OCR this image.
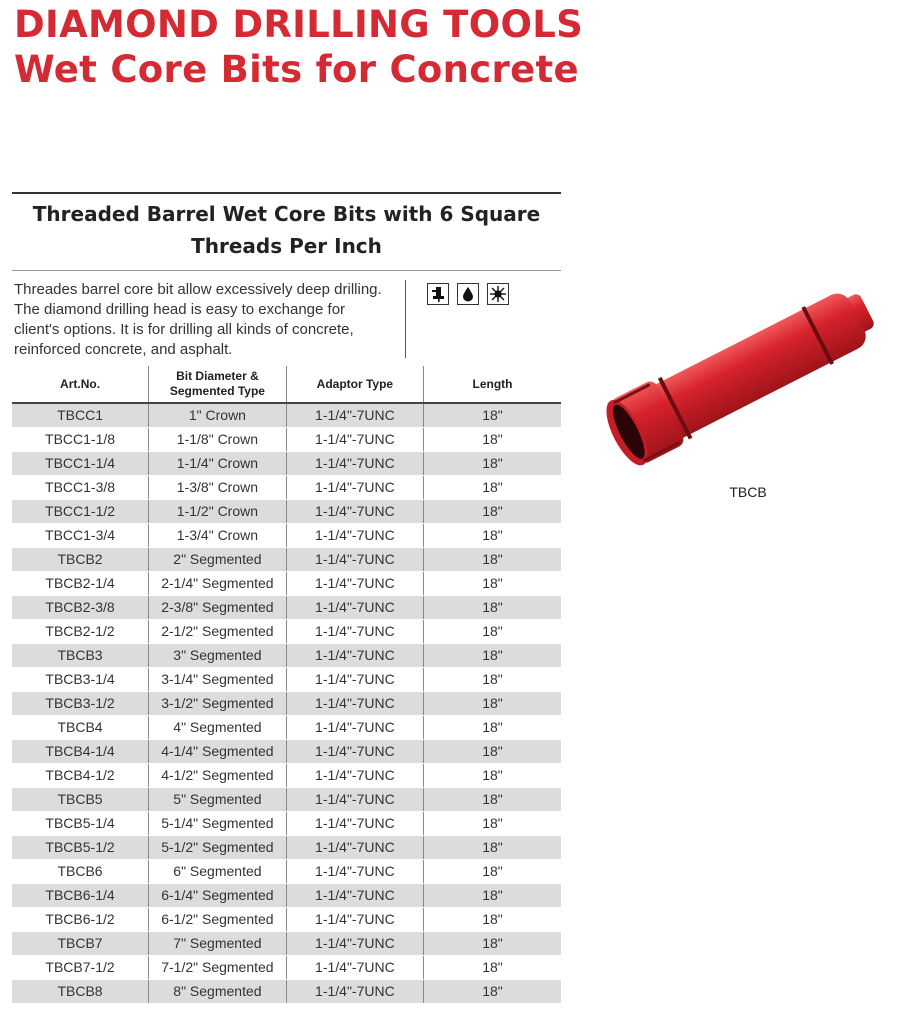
DIAMOND DRILLING TOOLS
Wet Core Bits for Concrete
Threaded Barrel Wet Core Bits with 6 Square
Threads Per Inch
Threades barrel core bit allow excessively deep drilling. The diamond drilling head is easy to exchange for client's options. It is for drilling all kinds of concrete, reinforced concrete, and asphalt.
Art.No.	Bit Diameter & Segmented Type	Adaptor Type	Length
TBCC1	1" Crown	1-1/4"-7UNC	18"
TBCC1-1/8	1-1/8" Crown	1-1/4"-7UNC	18"
TBCC1-1/4	1-1/4" Crown	1-1/4"-7UNC	18"
TBCC1-3/8	1-3/8" Crown	1-1/4"-7UNC	18"
TBCC1-1/2	1-1/2" Crown	1-1/4"-7UNC	18"
TBCC1-3/4	1-3/4" Crown	1-1/4"-7UNC	18"
TBCB2	2" Segmented	1-1/4"-7UNC	18"
TBCB2-1/4	2-1/4" Segmented	1-1/4"-7UNC	18"
TBCB2-3/8	2-3/8" Segmented	1-1/4"-7UNC	18"
TBCB2-1/2	2-1/2" Segmented	1-1/4"-7UNC	18"
TBCB3	3" Segmented	1-1/4"-7UNC	18"
TBCB3-1/4	3-1/4" Segmented	1-1/4"-7UNC	18"
TBCB3-1/2	3-1/2" Segmented	1-1/4"-7UNC	18"
TBCB4	4" Segmented	1-1/4"-7UNC	18"
TBCB4-1/4	4-1/4" Segmented	1-1/4"-7UNC	18"
TBCB4-1/2	4-1/2" Segmented	1-1/4"-7UNC	18"
TBCB5	5" Segmented	1-1/4"-7UNC	18"
TBCB5-1/4	5-1/4" Segmented	1-1/4"-7UNC	18"
TBCB5-1/2	5-1/2" Segmented	1-1/4"-7UNC	18"
TBCB6	6" Segmented	1-1/4"-7UNC	18"
TBCB6-1/4	6-1/4" Segmented	1-1/4"-7UNC	18"
TBCB6-1/2	6-1/2" Segmented	1-1/4"-7UNC	18"
TBCB7	7" Segmented	1-1/4"-7UNC	18"
TBCB7-1/2	7-1/2" Segmented	1-1/4"-7UNC	18"
TBCB8	8" Segmented	1-1/4"-7UNC	18"
TBCB
